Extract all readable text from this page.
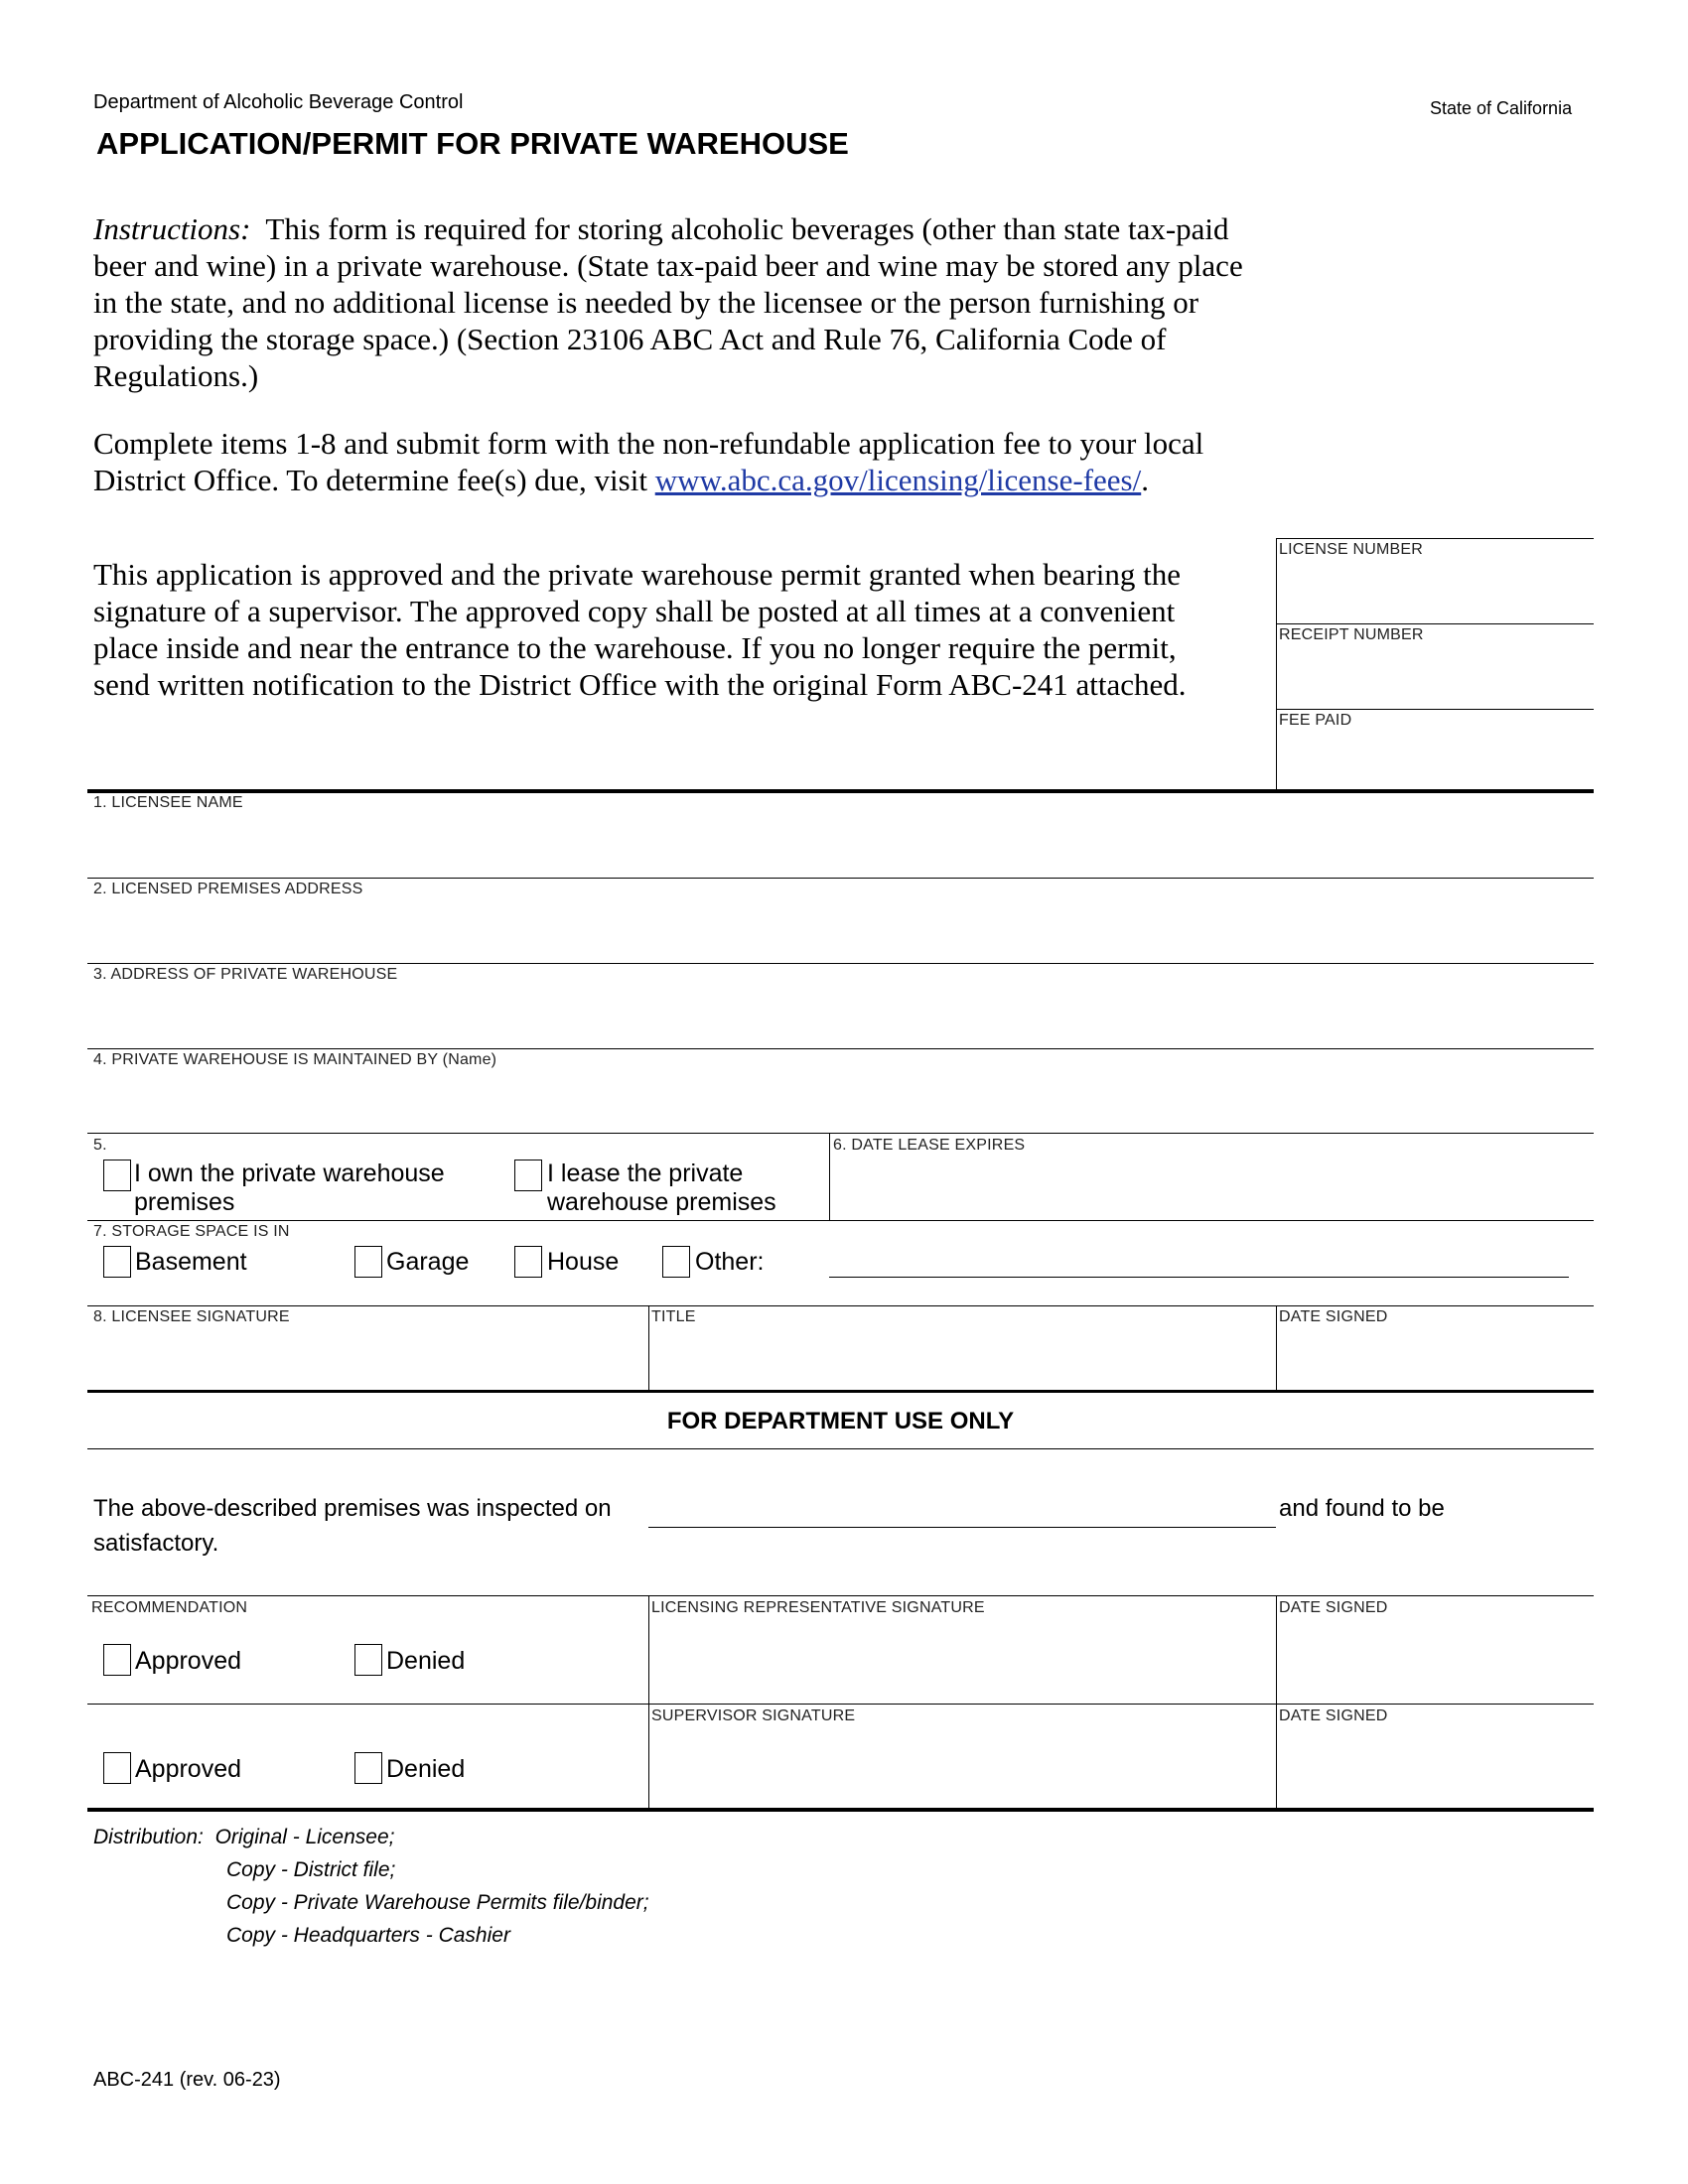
Department of Alcoholic Beverage Control	State of California
APPLICATION/PERMIT FOR PRIVATE WAREHOUSE

Instructions: This form is required for storing alcoholic beverages (other than state tax-paid beer and wine) in a private warehouse. (State tax-paid beer and wine may be stored any place in the state, and no additional license is needed by the licensee or the person furnishing or providing the storage space.) (Section 23106 ABC Act and Rule 76, California Code of Regulations.)

Complete items 1-8 and submit form with the non-refundable application fee to your local District Office. To determine fee(s) due, visit www.abc.ca.gov/licensing/license-fees/.

This application is approved and the private warehouse permit granted when bearing the signature of a supervisor. The approved copy shall be posted at all times at a convenient place inside and near the entrance to the warehouse. If you no longer require the permit, send written notification to the District Office with the original Form ABC-241 attached.

LICENSE NUMBER
RECEIPT NUMBER
FEE PAID
1. LICENSEE NAME
2. LICENSED PREMISES ADDRESS
3. ADDRESS OF PRIVATE WAREHOUSE
4. PRIVATE WAREHOUSE IS MAINTAINED BY (Name)
5.
I own the private warehouse
premises
I lease the private
warehouse premises
6. DATE LEASE EXPIRES
7. STORAGE SPACE IS IN
Basement	Garage	House	Other:
8. LICENSEE SIGNATURE	TITLE	DATE SIGNED
FOR DEPARTMENT USE ONLY
The above-described premises was inspected on	and found to be
satisfactory.
RECOMMENDATION	LICENSING REPRESENTATIVE SIGNATURE	DATE SIGNED
Approved	Denied
SUPERVISOR SIGNATURE	DATE SIGNED
Approved	Denied
Distribution: Original - Licensee;
Copy - District file;
Copy - Private Warehouse Permits file/binder;
Copy - Headquarters - Cashier
ABC-241 (rev. 06-23)
